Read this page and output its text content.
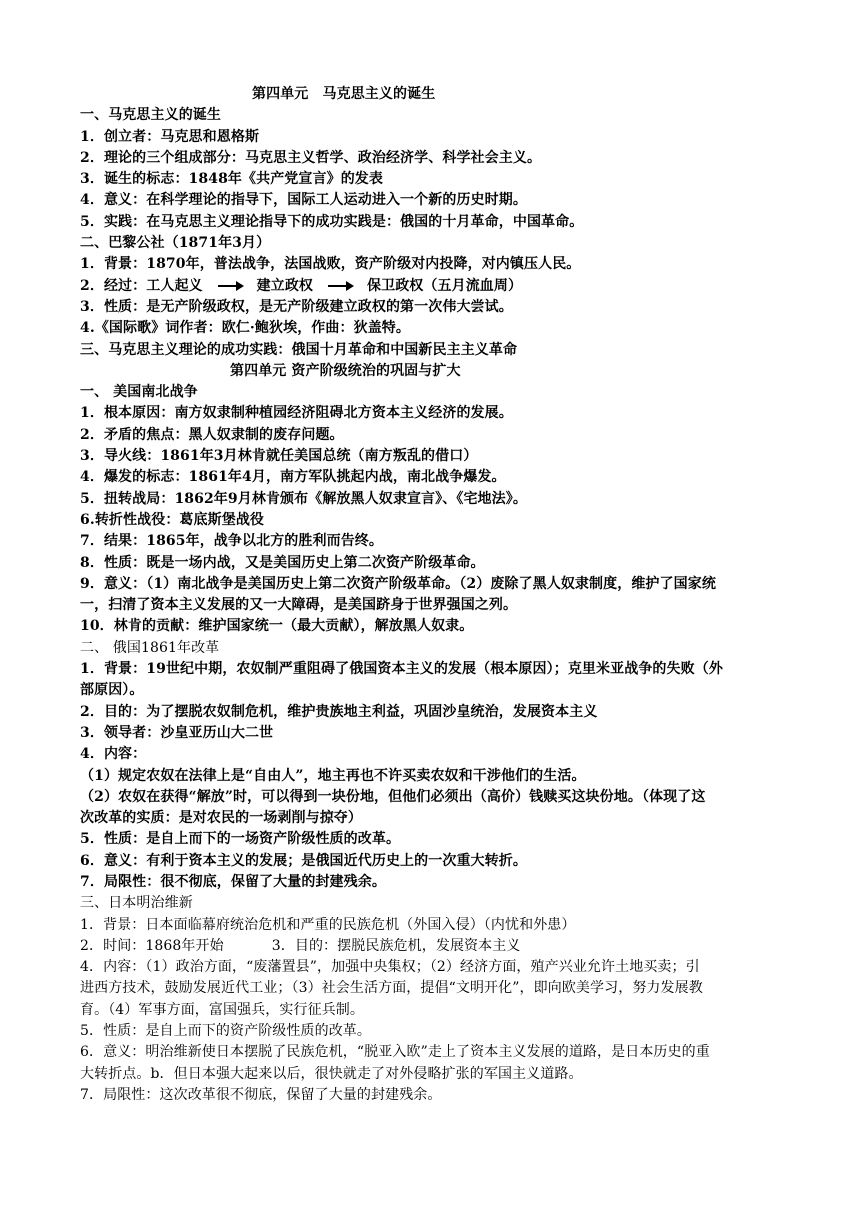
第四单元　马克思主义的诞生
一、马克思主义的诞生
1．创立者：马克思和恩格斯
2．理论的三个组成部分：马克思主义哲学、政治经济学、科学社会主义。
3．诞生的标志：1848年《共产党宣言》的发表
4．意义：在科学理论的指导下，国际工人运动进入一个新的历史时期。
5．实践：在马克思主义理论指导下的成功实践是：俄国的十月革命，中国革命。
二、巴黎公社（1871年3月）
1．背景：1870年，普法战争，法国战败，资产阶级对内投降，对内镇压人民。
2．经过：工人起义	建立政权	保卫政权（五月流血周）
3．性质：是无产阶级政权，是无产阶级建立政权的第一次伟大尝试。
4.《国际歌》词作者：欧仁·鲍狄埃，作曲：狄盖特。
三、马克思主义理论的成功实践：俄国十月革命和中国新民主主义革命
第四单元 资产阶级统治的巩固与扩大
一、 美国南北战争
1．根本原因：南方奴隶制种植园经济阻碍北方资本主义经济的发展。
2．矛盾的焦点：黑人奴隶制的废存问题。
3．导火线：1861年3月林肯就任美国总统（南方叛乱的借口）
4．爆发的标志：1861年4月，南方军队挑起内战，南北战争爆发。
5．扭转战局：1862年9月林肯颁布《解放黑人奴隶宣言》、《宅地法》。
6.转折性战役：葛底斯堡战役
7．结果：1865年，战争以北方的胜利而告终。
8．性质：既是一场内战，又是美国历史上第二次资产阶级革命。
9．意义：（1）南北战争是美国历史上第二次资产阶级革命。（2）废除了黑人奴隶制度，维护了国家统
一，扫清了资本主义发展的又一大障碍，是美国跻身于世界强国之列。
10．林肯的贡献：维护国家统一（最大贡献），解放黑人奴隶。
二、 俄国1861年改革
1．背景：19世纪中期，农奴制严重阻碍了俄国资本主义的发展（根本原因）；克里米亚战争的失败（外
部原因）。
2．目的：为了摆脱农奴制危机，维护贵族地主利益，巩固沙皇统治，发展资本主义
3．领导者：沙皇亚历山大二世
4．内容：
（1）规定农奴在法律上是“自由人”，地主再也不许买卖农奴和干涉他们的生活。
（2）农奴在获得“解放”时，可以得到一块份地，但他们必须出（高价）钱赎买这块份地。（体现了这
次改革的实质：是对农民的一场剥削与掠夺）
5．性质：是自上而下的一场资产阶级性质的改革。
6．意义：有利于资本主义的发展；是俄国近代历史上的一次重大转折。
7．局限性：很不彻底，保留了大量的封建残余。
三、日本明治维新
1．背景：日本面临幕府统治危机和严重的民族危机（外国入侵）（内忧和外患）
2．时间：1868年开始	3．目的：摆脱民族危机，发展资本主义
4．内容：（1）政治方面，“废藩置县”，加强中央集权；（2）经济方面，殖产兴业允许土地买卖；引
进西方技术，鼓励发展近代工业；（3）社会生活方面，提倡“文明开化”，即向欧美学习，努力发展教
育。（4）军事方面，富国强兵，实行征兵制。
5．性质：是自上而下的资产阶级性质的改革。
6．意义：明治维新使日本摆脱了民族危机，“脱亚入欧”走上了资本主义发展的道路，是日本历史的重
大转折点。b．但日本强大起来以后，很快就走了对外侵略扩张的军国主义道路。
7．局限性：这次改革很不彻底，保留了大量的封建残余。
